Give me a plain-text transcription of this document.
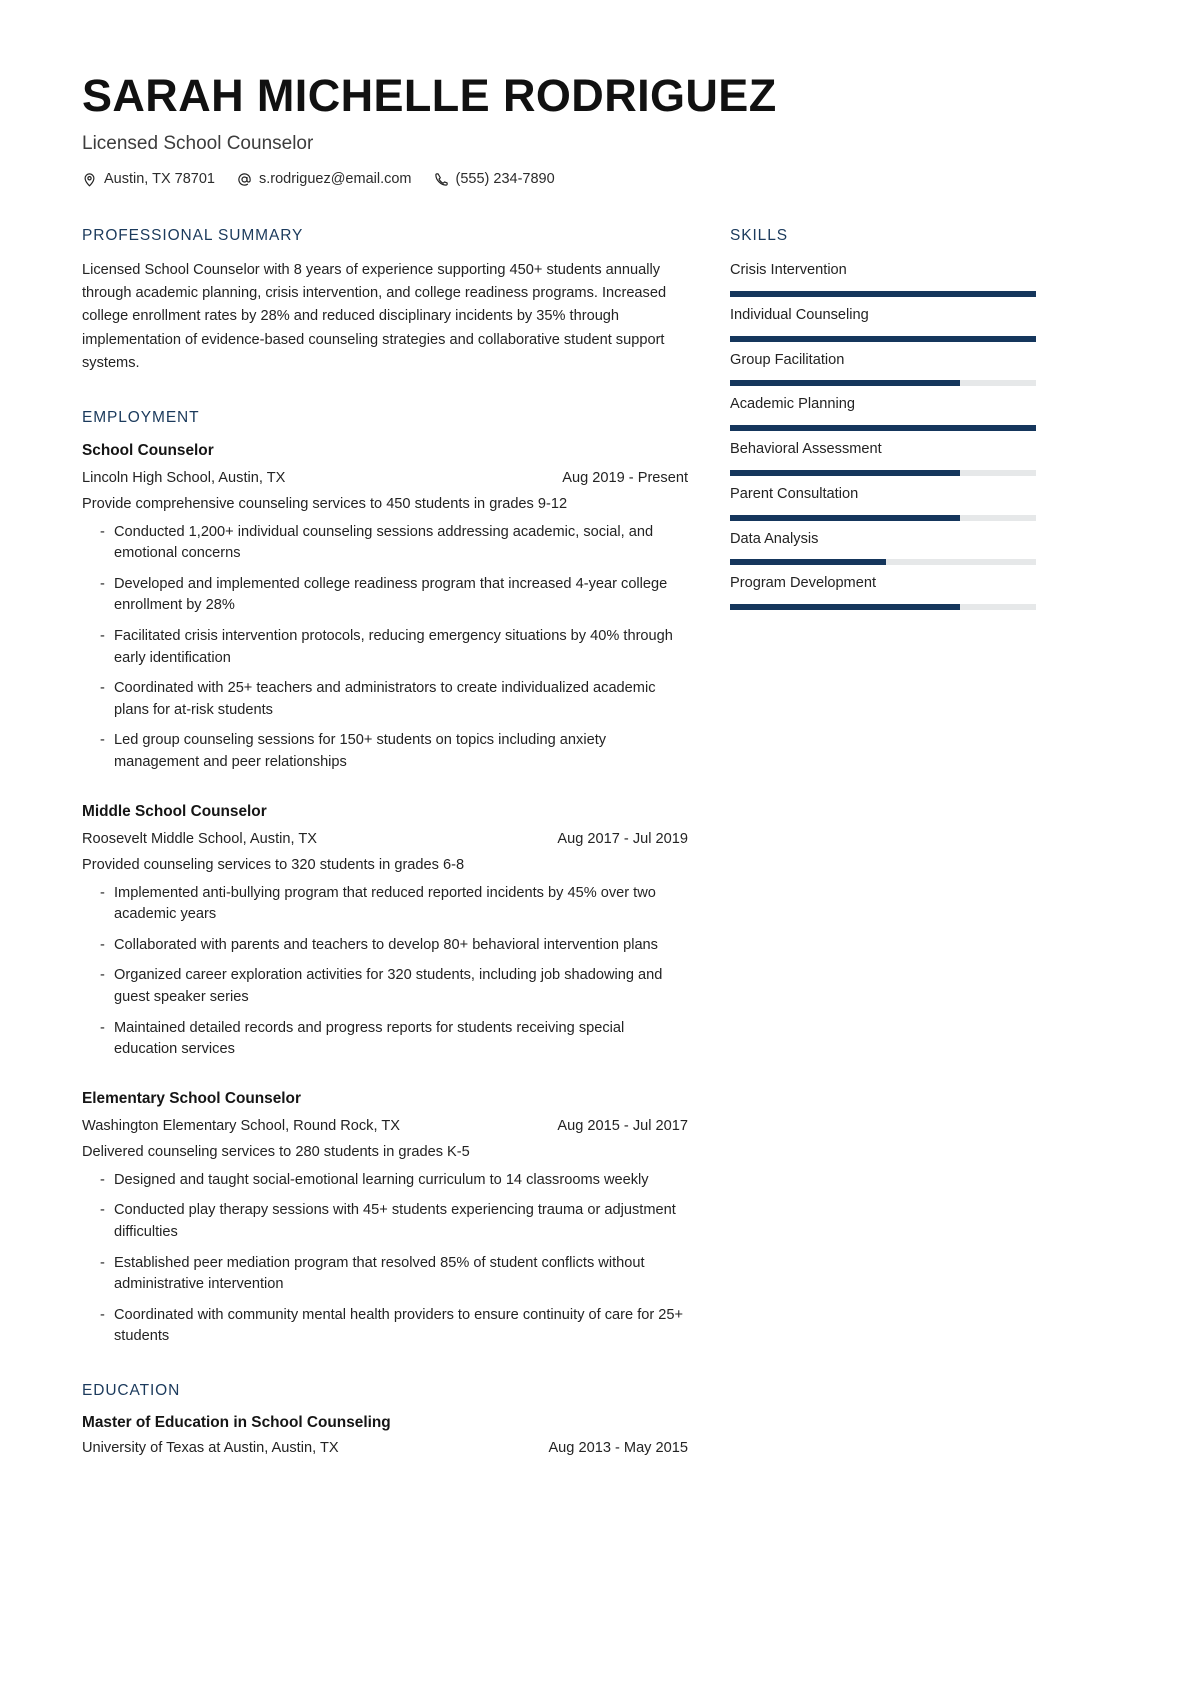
SARAH MICHELLE RODRIGUEZ
Licensed School Counselor
Austin, TX 78701	s.rodriguez@email.com	(555) 234-7890
PROFESSIONAL SUMMARY

Licensed School Counselor with 8 years of experience supporting 450+ students annually through academic planning, crisis intervention, and college readiness programs. Increased college enrollment rates by 28% and reduced disciplinary incidents by 35% through implementation of evidence-based counseling strategies and collaborative student support systems.

EMPLOYMENT
School Counselor
Lincoln High School, Austin, TX	Aug 2019 - Present
Provide comprehensive counseling services to 450 students in grades 9-12
- Conducted 1,200+ individual counseling sessions addressing academic, social, and emotional concerns
- Developed and implemented college readiness program that increased 4-year college enrollment by 28%
- Facilitated crisis intervention protocols, reducing emergency situations by 40% through early identification
- Coordinated with 25+ teachers and administrators to create individualized academic plans for at-risk students
- Led group counseling sessions for 150+ students on topics including anxiety management and peer relationships
Middle School Counselor
Roosevelt Middle School, Austin, TX	Aug 2017 - Jul 2019
Provided counseling services to 320 students in grades 6-8
- Implemented anti-bullying program that reduced reported incidents by 45% over two academic years
- Collaborated with parents and teachers to develop 80+ behavioral intervention plans
- Organized career exploration activities for 320 students, including job shadowing and guest speaker series
- Maintained detailed records and progress reports for students receiving special education services
Elementary School Counselor
Washington Elementary School, Round Rock, TX	Aug 2015 - Jul 2017
Delivered counseling services to 280 students in grades K-5
- Designed and taught social-emotional learning curriculum to 14 classrooms weekly
- Conducted play therapy sessions with 45+ students experiencing trauma or adjustment difficulties
- Established peer mediation program that resolved 85% of student conflicts without administrative intervention
- Coordinated with community mental health providers to ensure continuity of care for 25+ students
EDUCATION
Master of Education in School Counseling
University of Texas at Austin, Austin, TX	Aug 2013 - May 2015
SKILLS
Crisis Intervention
Individual Counseling
Group Facilitation
Academic Planning
Behavioral Assessment
Parent Consultation
Data Analysis
Program Development
